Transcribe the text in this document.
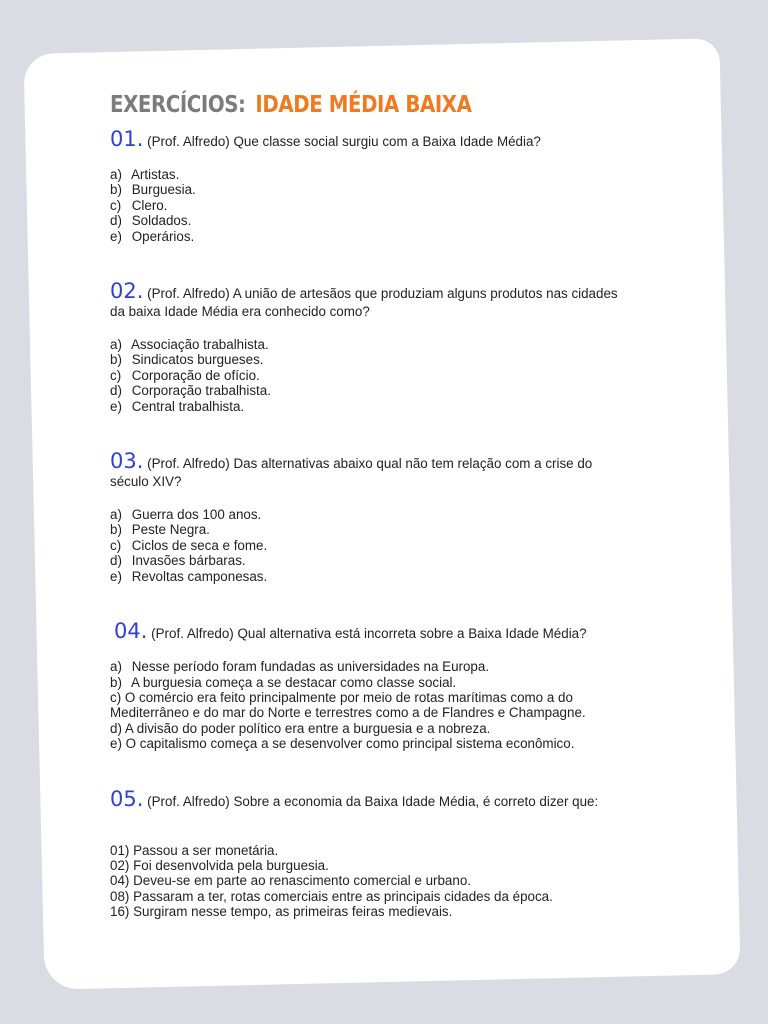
EXERCÍCIOS: IDADE MÉDIA BAIXA

01. (Prof. Alfredo) Que classe social surgiu com a Baixa Idade Média?

a) Artistas.
b) Burguesia.
c) Clero.
d) Soldados.
e) Operários.

02. (Prof. Alfredo) A união de artesãos que produziam alguns produtos nas cidades
da baixa Idade Média era conhecido como?

a) Associação trabalhista.
b) Sindicatos burgueses.
c) Corporação de ofício.
d) Corporação trabalhista.
e) Central trabalhista.

03. (Prof. Alfredo) Das alternativas abaixo qual não tem relação com a crise do
século XIV?

a) Guerra dos 100 anos.
b) Peste Negra.
c) Ciclos de seca e fome.
d) Invasões bárbaras.
e) Revoltas camponesas.

04. (Prof. Alfredo) Qual alternativa está incorreta sobre a Baixa Idade Média?

a) Nesse período foram fundadas as universidades na Europa.
b) A burguesia começa a se destacar como classe social.
c) O comércio era feito principalmente por meio de rotas marítimas como a do
Mediterrâneo e do mar do Norte e terrestres como a de Flandres e Champagne.
d) A divisão do poder político era entre a burguesia e a nobreza.
e) O capitalismo começa a se desenvolver como principal sistema econômico.

05. (Prof. Alfredo) Sobre a economia da Baixa Idade Média, é correto dizer que:

01) Passou a ser monetária.
02) Foi desenvolvida pela burguesia.
04) Deveu-se em parte ao renascimento comercial e urbano.
08) Passaram a ter, rotas comerciais entre as principais cidades da época.
16) Surgiram nesse tempo, as primeiras feiras medievais.
